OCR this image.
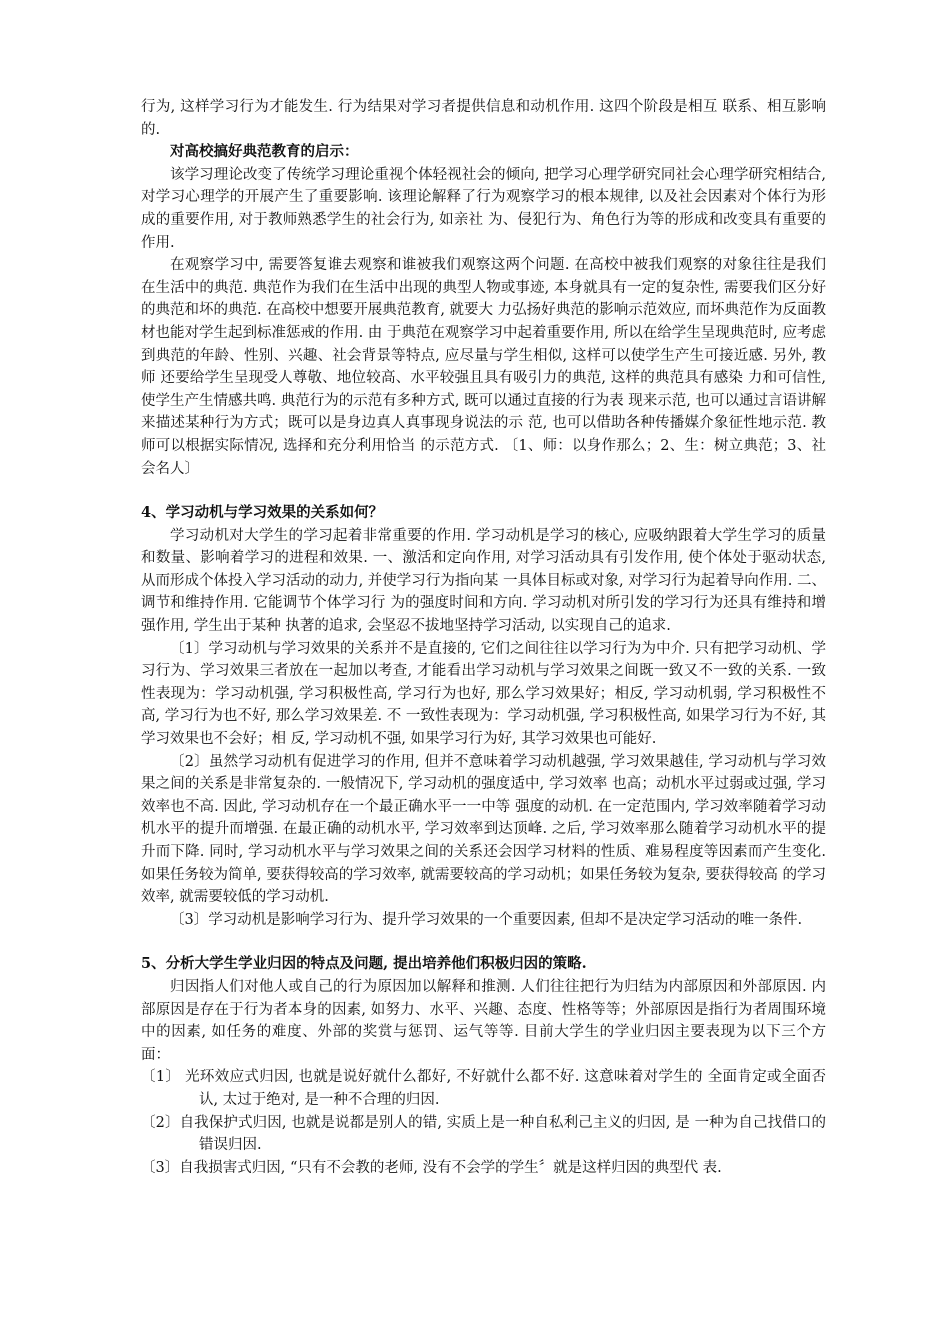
行为, 这样学习行为才能发生. 行为结果对学习者提供信息和动机作用. 这四个阶段是相互 联系、相互影响的.

对高校搞好典范教育的启示：

该学习理论改变了传统学习理论重视个体轻视社会的倾向, 把学习心理学研究同社会心理学研究相结合, 对学习心理学的开展产生了重要影响. 该理论解释了行为观察学习的根本规律, 以及社会因素对个体行为形成的重要作用, 对于教师熟悉学生的社会行为, 如亲社 为、侵犯行为、角色行为等的形成和改变具有重要的作用.

在观察学习中, 需要答复谁去观察和谁被我们观察这两个问题. 在高校中被我们观察的对象往往是我们在生活中的典范. 典范作为我们在生活中出现的典型人物或事迹, 本身就具有一定的复杂性, 需要我们区分好的典范和坏的典范. 在高校中想要开展典范教育, 就要大 力弘扬好典范的影响示范效应, 而坏典范作为反面教材也能对学生起到标准惩戒的作用. 由 于典范在观察学习中起着重要作用, 所以在给学生呈现典范时, 应考虑到典范的年龄、性别、兴趣、社会背景等特点, 应尽量与学生相似, 这样可以使学生产生可接近感. 另外, 教师 还要给学生呈现受人尊敬、地位较高、水平较强且具有吸引力的典范, 这样的典范具有感染 力和可信性, 使学生产生情感共鸣. 典范行为的示范有多种方式, 既可以通过直接的行为表 现来示范, 也可以通过言语讲解来描述某种行为方式；既可以是身边真人真事现身说法的示 范, 也可以借助各种传播媒介象征性地示范. 教师可以根据实际情况, 选择和充分利用恰当 的示范方式. 〔1、师：以身作那么；2、生：树立典范；3、社会名人〕

4、学习动机与学习效果的关系如何？

学习动机对大学生的学习起着非常重要的作用. 学习动机是学习的核心, 应吸纳跟着大学生学习的质量和数量、影响着学习的进程和效果. 一、激活和定向作用, 对学习活动具有引发作用, 使个体处于驱动状态, 从而形成个体投入学习活动的动力, 并使学习行为指向某 一具体目标或对象, 对学习行为起着导向作用. 二、调节和维持作用. 它能调节个体学习行 为的强度时间和方向. 学习动机对所引发的学习行为还具有维持和增强作用, 学生出于某种 执著的追求, 会坚忍不拔地坚持学习活动, 以实现自己的追求.

〔1〕学习动机与学习效果的关系并不是直接的, 它们之间往往以学习行为为中介. 只有把学习动机、学习行为、学习效果三者放在一起加以考查, 才能看出学习动机与学习效果之间既一致又不一致的关系. 一致性表现为：学习动机强, 学习积极性高, 学习行为也好, 那么学习效果好；相反, 学习动机弱, 学习积极性不高, 学习行为也不好, 那么学习效果差. 不 一致性表现为：学习动机强, 学习积极性高, 如果学习行为不好, 其学习效果也不会好；相 反, 学习动机不强, 如果学习行为好, 其学习效果也可能好.

〔2〕虽然学习动机有促进学习的作用, 但并不意味着学习动机越强, 学习效果越佳, 学习动机与学习效果之间的关系是非常复杂的. 一般情况下, 学习动机的强度适中, 学习效率 也高；动机水平过弱或过强, 学习效率也不高. 因此, 学习动机存在一个最正确水平一一中等 强度的动机. 在一定范围内, 学习效率随着学习动机水平的提升而增强. 在最正确的动机水平, 学习效率到达顶峰. 之后, 学习效率那么随着学习动机水平的提升而下降. 同时, 学习动机水平与学习效果之间的关系还会因学习材料的性质、难易程度等因素而产生变化. 如果任务较为简单, 要获得较高的学习效率, 就需要较高的学习动机；如果任务较为复杂, 要获得较高 的学习效率, 就需要较低的学习动机.

〔3〕学习动机是影响学习行为、提升学习效果的一个重要因素, 但却不是决定学习活动的唯一条件.

5、分析大学生学业归因的特点及问题, 提出培养他们积极归因的策略.

归因指人们对他人或自己的行为原因加以解释和推测. 人们往往把行为归结为内部原因和外部原因. 内部原因是存在于行为者本身的因素, 如努力、水平、兴趣、态度、性格等等；外部原因是指行为者周围环境中的因素, 如任务的难度、外部的奖赏与惩罚、运气等等. 目前大学生的学业归因主要表现为以下三个方面：

〔1〕 光环效应式归因, 也就是说好就什么都好, 不好就什么都不好. 这意味着对学生的 全面肯定或全面否认, 太过于绝对, 是一种不合理的归因.

〔2〕自我保护式归因, 也就是说都是别人的错, 实质上是一种自私利己主义的归因, 是 一种为自己找借口的错误归因.

〔3〕自我损害式归因, “只有不会教的老师, 没有不会学的学生〞就是这样归因的典型代 表.
